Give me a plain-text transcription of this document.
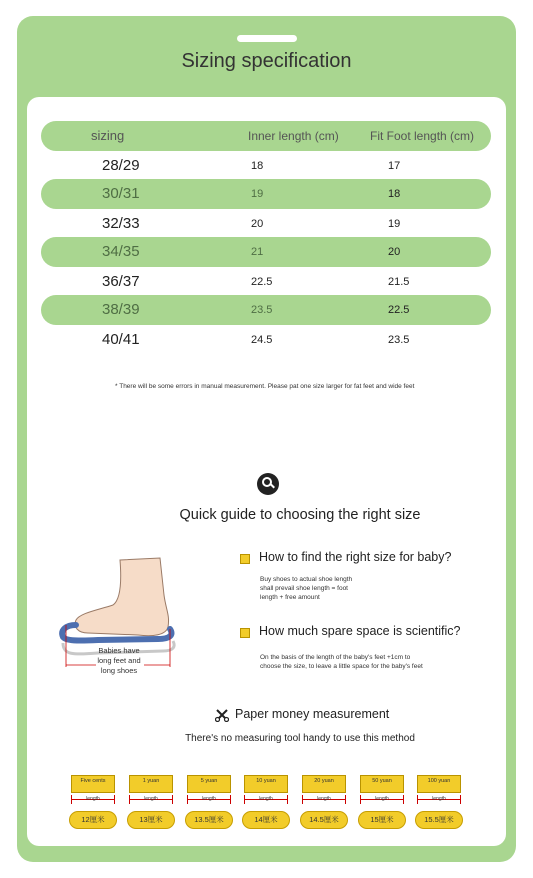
Sizing specification
sizing	Inner length (cm)	Fit Foot length (cm)
28/29	18	17
30/31	19	18
32/33	20	19
34/35	21	20
36/37	22.5	21.5
38/39	23.5	22.5
40/41	24.5	23.5
* There will be some errors in manual measurement. Please pat one size larger for fat feet and wide feet
Quick guide to choosing the right size
Babies have
long feet and
long shoes
How to find the right size for baby?
Buy shoes to actual shoe length
shall prevail shoe length = foot
length + free amount
How much spare space is scientific?
On the basis of the length of the baby's feet +1cm to
choose the size, to leave a little space for the baby's feet
Paper money measurement
There's no measuring tool handy to use this method
Five cents
length
12厘米
1 yuan
length
13厘米
5 yuan
length
13.5厘米
10 yuan
length
14厘米
20 yuan
length
14.5厘米
50 yuan
length
15厘米
100 yuan
length
15.5厘米
